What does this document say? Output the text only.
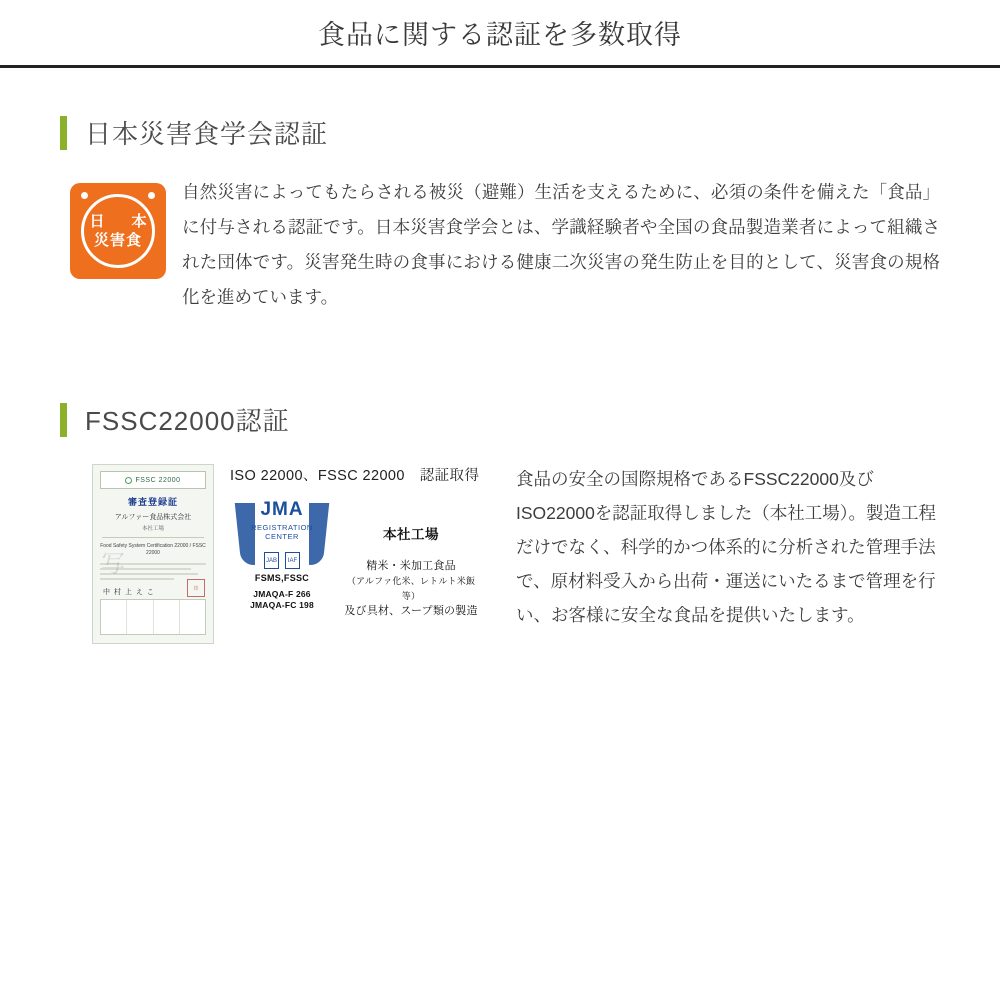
食品に関する認証を多数取得
日本災害食学会認証
日　本
災害食
自然災害によってもたらされる被災（避難）生活を支えるために、必須の条件を備えた「食品」に付与される認証です。日本災害食学会とは、学識経験者や全国の食品製造業者によって組織された団体です。災害発生時の食事における健康二次災害の発生防止を目的として、災害食の規格化を進めています。
FSSC22000認証
FSSC 22000
審査登録証
アルファー食品株式会社
本社工場
Food Safety System Certification 22000 / FSSC 22000
写
中 村 上 え こ
印
ISO 22000、FSSC 22000　認証取得
JMA
REGISTRATION CENTER
JAB	IAF
FSMS,FSSC
JMAQA-F 266
JMAQA-FC 198
本社工場
精米・米加工食品
（アルファ化米、レトルト米飯 等）
及び具材、スープ類の製造
食品の安全の国際規格であるFSSC22000及びISO22000を認証取得しました（本社工場）。製造工程だけでなく、科学的かつ体系的に分析された管理手法で、原材料受入から出荷・運送にいたるまで管理を行い、お客様に安全な食品を提供いたします。
